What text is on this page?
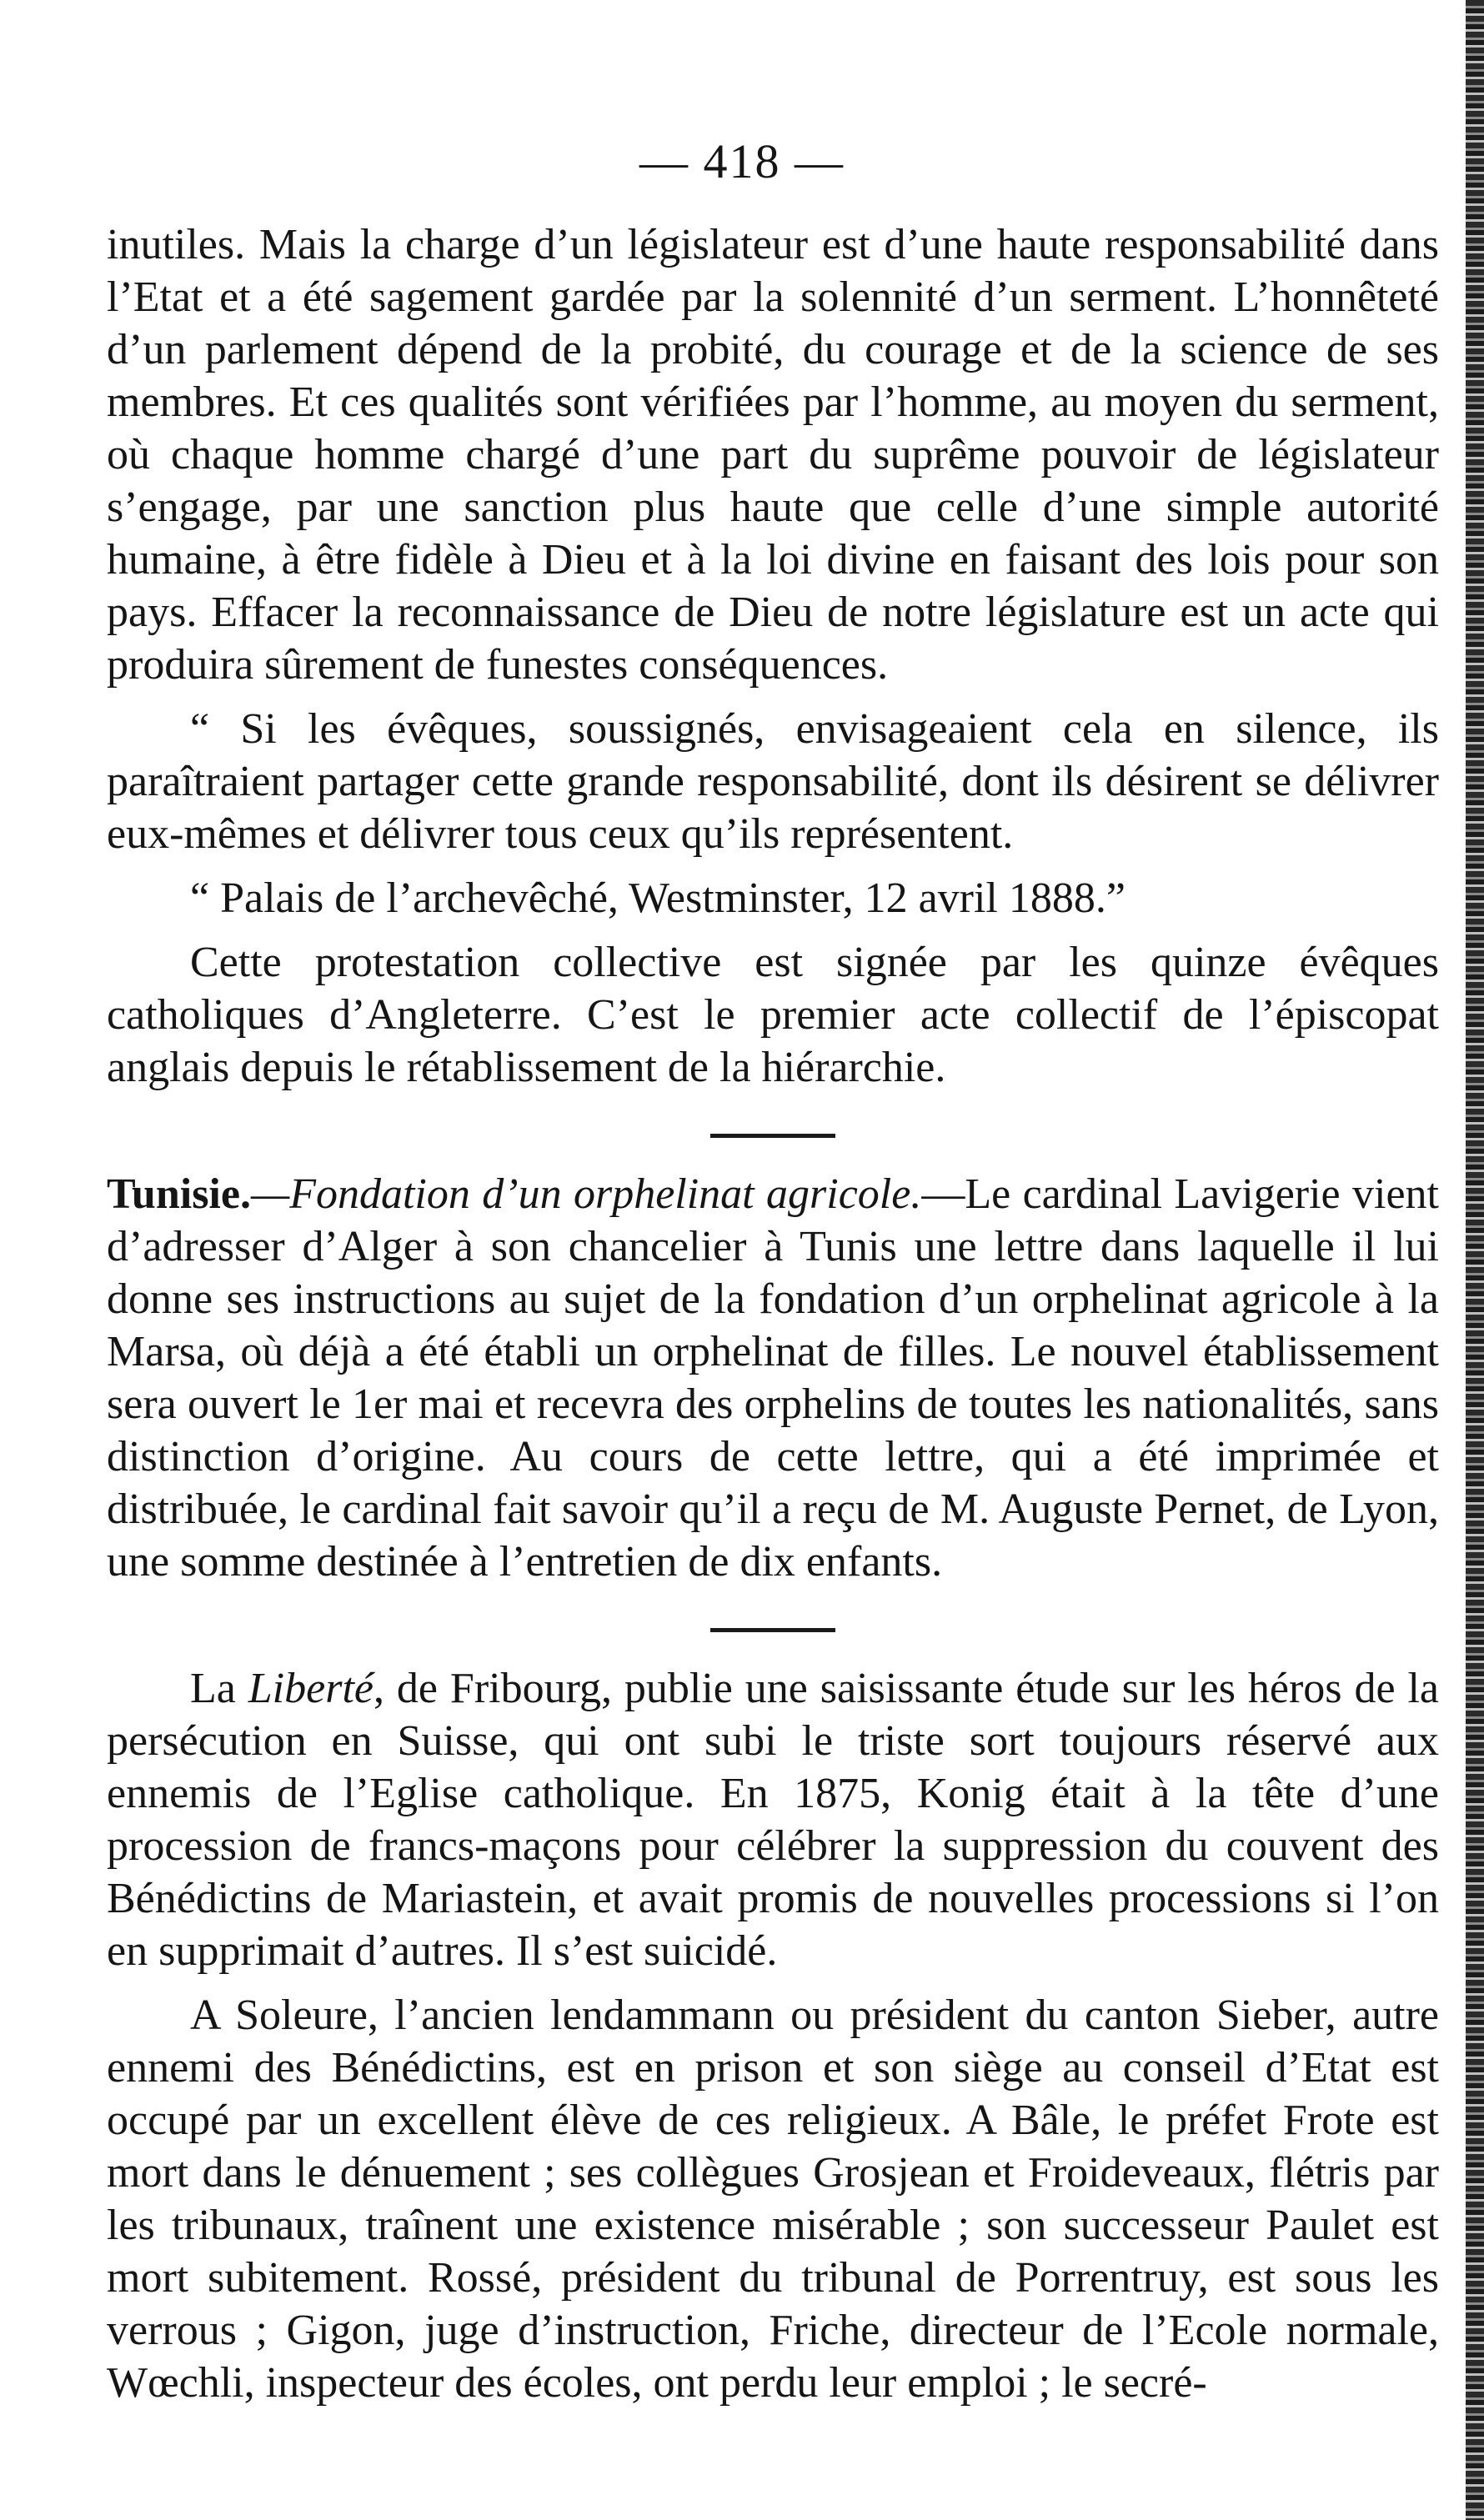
— 418 —

inutiles. Mais la charge d’un législateur est d’une haute responsabilité dans l’Etat et a été sagement gardée par la solennité d’un serment. L’honnêteté d’un parlement dépend de la probité, du courage et de la science de ses membres. Et ces qualités sont vérifiées par l’homme, au moyen du serment, où chaque homme chargé d’une part du suprême pouvoir de législateur s’engage, par une sanction plus haute que celle d’une simple autorité humaine, à être fidèle à Dieu et à la loi divine en faisant des lois pour son pays. Effacer la reconnaissance de Dieu de notre législature est un acte qui produira sûrement de funestes conséquences.

“ Si les évêques, soussignés, envisageaient cela en silence, ils paraîtraient partager cette grande responsabilité, dont ils désirent se délivrer eux-mêmes et délivrer tous ceux qu’ils représentent.

“ Palais de l’archevêché, Westminster, 12 avril 1888.”

Cette protestation collective est signée par les quinze évêques catholiques d’Angleterre. C’est le premier acte collectif de l’épiscopat anglais depuis le rétablissement de la hiérarchie.

Tunisie.—Fondation d’un orphelinat agricole.—Le cardinal Lavigerie vient d’adresser d’Alger à son chancelier à Tunis une lettre dans laquelle il lui donne ses instructions au sujet de la fondation d’un orphelinat agricole à la Marsa, où déjà a été établi un orphelinat de filles. Le nouvel établissement sera ouvert le 1er mai et recevra des orphelins de toutes les nationalités, sans distinction d’origine. Au cours de cette lettre, qui a été imprimée et distribuée, le cardinal fait savoir qu’il a reçu de M. Auguste Pernet, de Lyon, une somme destinée à l’entretien de dix enfants.

La Liberté, de Fribourg, publie une saisissante étude sur les héros de la persécution en Suisse, qui ont subi le triste sort toujours réservé aux ennemis de l’Eglise catholique. En 1875, Konig était à la tête d’une procession de francs-maçons pour célébrer la suppression du couvent des Bénédictins de Mariastein, et avait promis de nouvelles processions si l’on en supprimait d’autres. Il s’est suicidé.

A Soleure, l’ancien lendammann ou président du canton Sieber, autre ennemi des Bénédictins, est en prison et son siège au conseil d’Etat est occupé par un excellent élève de ces religieux. A Bâle, le préfet Frote est mort dans le dénuement ; ses collègues Grosjean et Froideveaux, flétris par les tribunaux, traînent une existence misérable ; son successeur Paulet est mort subitement. Rossé, président du tribunal de Porrentruy, est sous les verrous ; Gigon, juge d’instruction, Friche, directeur de l’Ecole normale, Wœchli, inspecteur des écoles, ont perdu leur emploi ; le secré-
